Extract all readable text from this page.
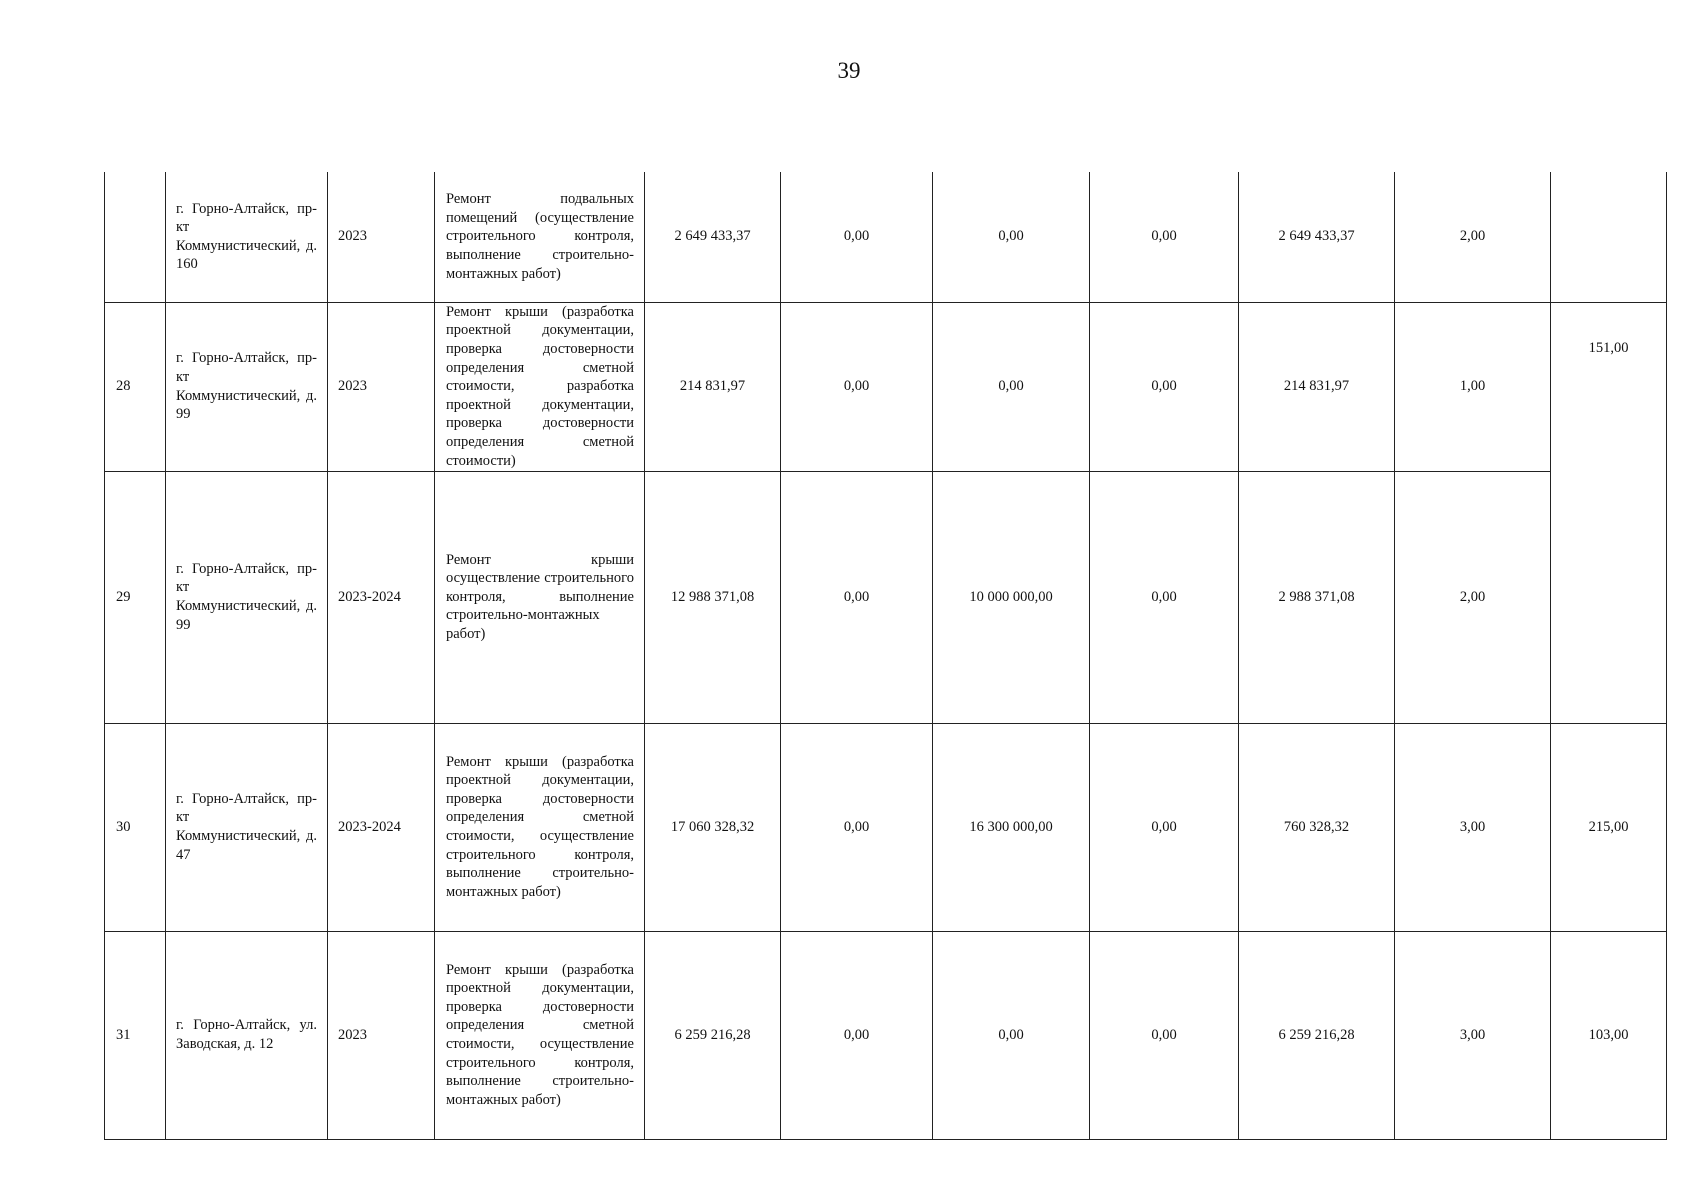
39
	г. Горно-Алтайск, пр-кт Коммунистический, д. 160	2023	Ремонт подвальных помещений (осуществление строительного контроля, выполнение строительно-монтажных работ)	2 649 433,37	0,00	0,00	0,00	2 649 433,37	2,00	
28	г. Горно-Алтайск, пр-кт Коммунистический, д. 99	2023	Ремонт крыши (разработка проектной документации, проверка достоверности определения сметной стоимости, разработка проектной документации, проверка достоверности определения сметной стоимости)	214 831,97	0,00	0,00	0,00	214 831,97	1,00	151,00
29	г. Горно-Алтайск, пр-кт Коммунистический, д. 99	2023-2024	Ремонт крыши осуществление строительного контроля, выполнение строительно-монтажных работ)	12 988 371,08	0,00	10 000 000,00	0,00	2 988 371,08	2,00	
30	г. Горно-Алтайск, пр-кт Коммунистический, д. 47	2023-2024	Ремонт крыши (разработка проектной документации, проверка достоверности определения сметной стоимости, осуществление строительного контроля, выполнение строительно-монтажных работ)	17 060 328,32	0,00	16 300 000,00	0,00	760 328,32	3,00	215,00
31	г. Горно-Алтайск, ул. Заводская, д. 12	2023	Ремонт крыши (разработка проектной документации, проверка достоверности определения сметной стоимости, осуществление строительного контроля, выполнение строительно-монтажных работ)	6 259 216,28	0,00	0,00	0,00	6 259 216,28	3,00	103,00
